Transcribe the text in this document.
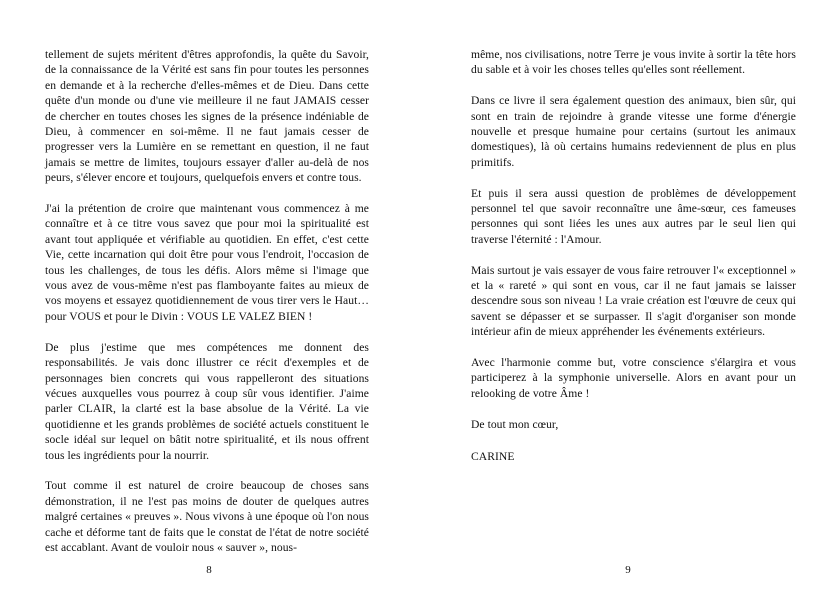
tellement de sujets méritent d'êtres approfondis, la quête du Savoir, de la connaissance de la Vérité est sans fin pour toutes les personnes en demande et à la recherche d'elles-mêmes et de Dieu. Dans cette quête d'un monde ou d'une vie meilleure il ne faut JAMAIS cesser de chercher en toutes choses les signes de la présence indéniable de Dieu, à commencer en soi-même. Il ne faut jamais cesser de progresser vers la Lumière en se remettant en question, il ne faut jamais se mettre de limites, toujours essayer d'aller au-delà de nos peurs, s'élever encore et toujours, quelquefois envers et contre tous.

J'ai la prétention de croire que maintenant vous commencez à me connaître et à ce titre vous savez que pour moi la spiritualité est avant tout appliquée et vérifiable au quotidien. En effet, c'est cette Vie, cette incarnation qui doit être pour vous l'endroit, l'occasion de tous les challenges, de tous les défis. Alors même si l'image que vous avez de vous-même n'est pas flamboyante faites au mieux de vos moyens et essayez quotidiennement de vous tirer vers le Haut…pour VOUS et pour le Divin : VOUS LE VALEZ BIEN !

De plus j'estime que mes compétences me donnent des responsabilités. Je vais donc illustrer ce récit d'exemples et de personnages bien concrets qui vous rappelleront des situations vécues auxquelles vous pourrez à coup sûr vous identifier. J'aime parler CLAIR, la clarté est la base absolue de la Vérité. La vie quotidienne et les grands problèmes de société actuels constituent le socle idéal sur lequel on bâtit notre spiritualité, et ils nous offrent tous les ingrédients pour la nourrir.

Tout comme il est naturel de croire beaucoup de choses sans démonstration, il ne l'est pas moins de douter de quelques autres malgré certaines « preuves ». Nous vivons à une époque où l'on nous cache et déforme tant de faits que le constat de l'état de notre société est accablant. Avant de vouloir nous « sauver », nous-

8

même, nos civilisations, notre Terre je vous invite à sortir la tête hors du sable et à voir les choses telles qu'elles sont réellement.

Dans ce livre il sera également question des animaux, bien sûr, qui sont en train de rejoindre à grande vitesse une forme d'énergie nouvelle et presque humaine pour certains (surtout les animaux domestiques), là où certains humains redeviennent de plus en plus primitifs.

Et puis il sera aussi question de problèmes de développement personnel tel que savoir reconnaître une âme-sœur, ces fameuses personnes qui sont liées les unes aux autres par le seul lien qui traverse l'éternité : l'Amour.

Mais surtout je vais essayer de vous faire retrouver l'« exceptionnel » et la « rareté » qui sont en vous, car il ne faut jamais se laisser descendre sous son niveau ! La vraie création est l'œuvre de ceux qui savent se dépasser et se surpasser. Il s'agit d'organiser son monde intérieur afin de mieux appréhender les événements extérieurs.

Avec l'harmonie comme but, votre conscience s'élargira et vous participerez à la symphonie universelle. Alors en avant pour un relooking de votre Âme !

De tout mon cœur,

CARINE

9
